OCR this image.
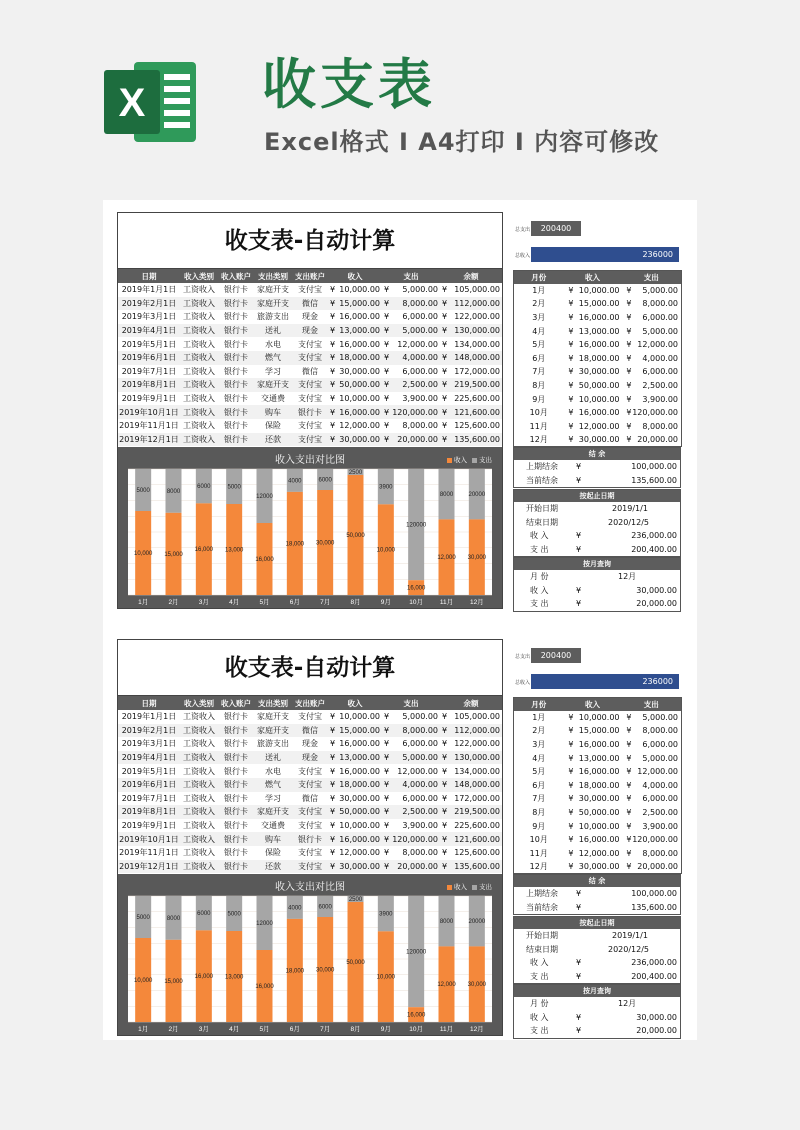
X 收支表
Excel格式 I A4打印 I 内容可修改
收支表-自动计算
日期	收入类别	收入账户	支出类别	支出账户	收入		支出		余额	
2019年1月1日	工资收入	银行卡	家庭开支	支付宝	¥	10,000.00	¥	5,000.00	¥	105,000.00
2019年2月1日	工资收入	银行卡	家庭开支	微信	¥	15,000.00	¥	8,000.00	¥	112,000.00
2019年3月1日	工资收入	银行卡	旅游支出	现金	¥	16,000.00	¥	6,000.00	¥	122,000.00
2019年4月1日	工资收入	银行卡	送礼	现金	¥	13,000.00	¥	5,000.00	¥	130,000.00
2019年5月1日	工资收入	银行卡	水电	支付宝	¥	16,000.00	¥	12,000.00	¥	134,000.00
2019年6月1日	工资收入	银行卡	燃气	支付宝	¥	18,000.00	¥	4,000.00	¥	148,000.00
2019年7月1日	工资收入	银行卡	学习	微信	¥	30,000.00	¥	6,000.00	¥	172,000.00
2019年8月1日	工资收入	银行卡	家庭开支	支付宝	¥	50,000.00	¥	2,500.00	¥	219,500.00
2019年9月1日	工资收入	银行卡	交通费	支付宝	¥	10,000.00	¥	3,900.00	¥	225,600.00
2019年10月1日	工资收入	银行卡	购车	银行卡	¥	16,000.00	¥	120,000.00	¥	121,600.00
2019年11月1日	工资收入	银行卡	保险	支付宝	¥	12,000.00	¥	8,000.00	¥	125,600.00
2019年12月1日	工资收入	银行卡	还款	支付宝	¥	30,000.00	¥	20,000.00	¥	135,600.00
5000
10,000
1月
8000
15,000
2月
6000
16,000
3月
5000
13,000
4月
12000
16,000
5月
4000
18,000
6月
6000
30,000
7月
2500
50,000
8月
3900
10,000
9月
120000
16,000
10月
8000
12,000
11月
20000
30,000
12月
收入支出对比图	收入	支出
总支出	200400
总收入	236000
月份	收入		支出	
1月	¥	10,000.00	¥	5,000.00
2月	¥	15,000.00	¥	8,000.00
3月	¥	16,000.00	¥	6,000.00
4月	¥	13,000.00	¥	5,000.00
5月	¥	16,000.00	¥	12,000.00
6月	¥	18,000.00	¥	4,000.00
7月	¥	30,000.00	¥	6,000.00
8月	¥	50,000.00	¥	2,500.00
9月	¥	10,000.00	¥	3,900.00
10月	¥	16,000.00	¥	120,000.00
11月	¥	12,000.00	¥	8,000.00
12月	¥	30,000.00	¥	20,000.00
结 余
上期结余 ¥	100,000.00
当前结余 ¥	135,600.00
按起止日期
开始日期	2019/1/1
结束日期	2020/12/5
收 入	¥	236,000.00
支 出	¥	200,400.00
按月查询
月 份	12月
收 入	¥	30,000.00
支 出	¥	20,000.00
收支表-自动计算
日期	收入类别	收入账户	支出类别	支出账户	收入		支出		余额	
2019年1月1日	工资收入	银行卡	家庭开支	支付宝	¥	10,000.00	¥	5,000.00	¥	105,000.00
2019年2月1日	工资收入	银行卡	家庭开支	微信	¥	15,000.00	¥	8,000.00	¥	112,000.00
2019年3月1日	工资收入	银行卡	旅游支出	现金	¥	16,000.00	¥	6,000.00	¥	122,000.00
2019年4月1日	工资收入	银行卡	送礼	现金	¥	13,000.00	¥	5,000.00	¥	130,000.00
2019年5月1日	工资收入	银行卡	水电	支付宝	¥	16,000.00	¥	12,000.00	¥	134,000.00
2019年6月1日	工资收入	银行卡	燃气	支付宝	¥	18,000.00	¥	4,000.00	¥	148,000.00
2019年7月1日	工资收入	银行卡	学习	微信	¥	30,000.00	¥	6,000.00	¥	172,000.00
2019年8月1日	工资收入	银行卡	家庭开支	支付宝	¥	50,000.00	¥	2,500.00	¥	219,500.00
2019年9月1日	工资收入	银行卡	交通费	支付宝	¥	10,000.00	¥	3,900.00	¥	225,600.00
2019年10月1日	工资收入	银行卡	购车	银行卡	¥	16,000.00	¥	120,000.00	¥	121,600.00
2019年11月1日	工资收入	银行卡	保险	支付宝	¥	12,000.00	¥	8,000.00	¥	125,600.00
2019年12月1日	工资收入	银行卡	还款	支付宝	¥	30,000.00	¥	20,000.00	¥	135,600.00
5000
10,000
1月
8000
15,000
2月
6000
16,000
3月
5000
13,000
4月
12000
16,000
5月
4000
18,000
6月
6000
30,000
7月
2500
50,000
8月
3900
10,000
9月
120000
16,000
10月
8000
12,000
11月
20000
30,000
12月
收入支出对比图	收入	支出
总支出	200400
总收入	236000
月份	收入		支出	
1月	¥	10,000.00	¥	5,000.00
2月	¥	15,000.00	¥	8,000.00
3月	¥	16,000.00	¥	6,000.00
4月	¥	13,000.00	¥	5,000.00
5月	¥	16,000.00	¥	12,000.00
6月	¥	18,000.00	¥	4,000.00
7月	¥	30,000.00	¥	6,000.00
8月	¥	50,000.00	¥	2,500.00
9月	¥	10,000.00	¥	3,900.00
10月	¥	16,000.00	¥	120,000.00
11月	¥	12,000.00	¥	8,000.00
12月	¥	30,000.00	¥	20,000.00
结 余
上期结余 ¥	100,000.00
当前结余 ¥	135,600.00
按起止日期
开始日期	2019/1/1
结束日期	2020/12/5
收 入	¥	236,000.00
支 出	¥	200,400.00
按月查询
月 份	12月
收 入	¥	30,000.00
支 出	¥	20,000.00
